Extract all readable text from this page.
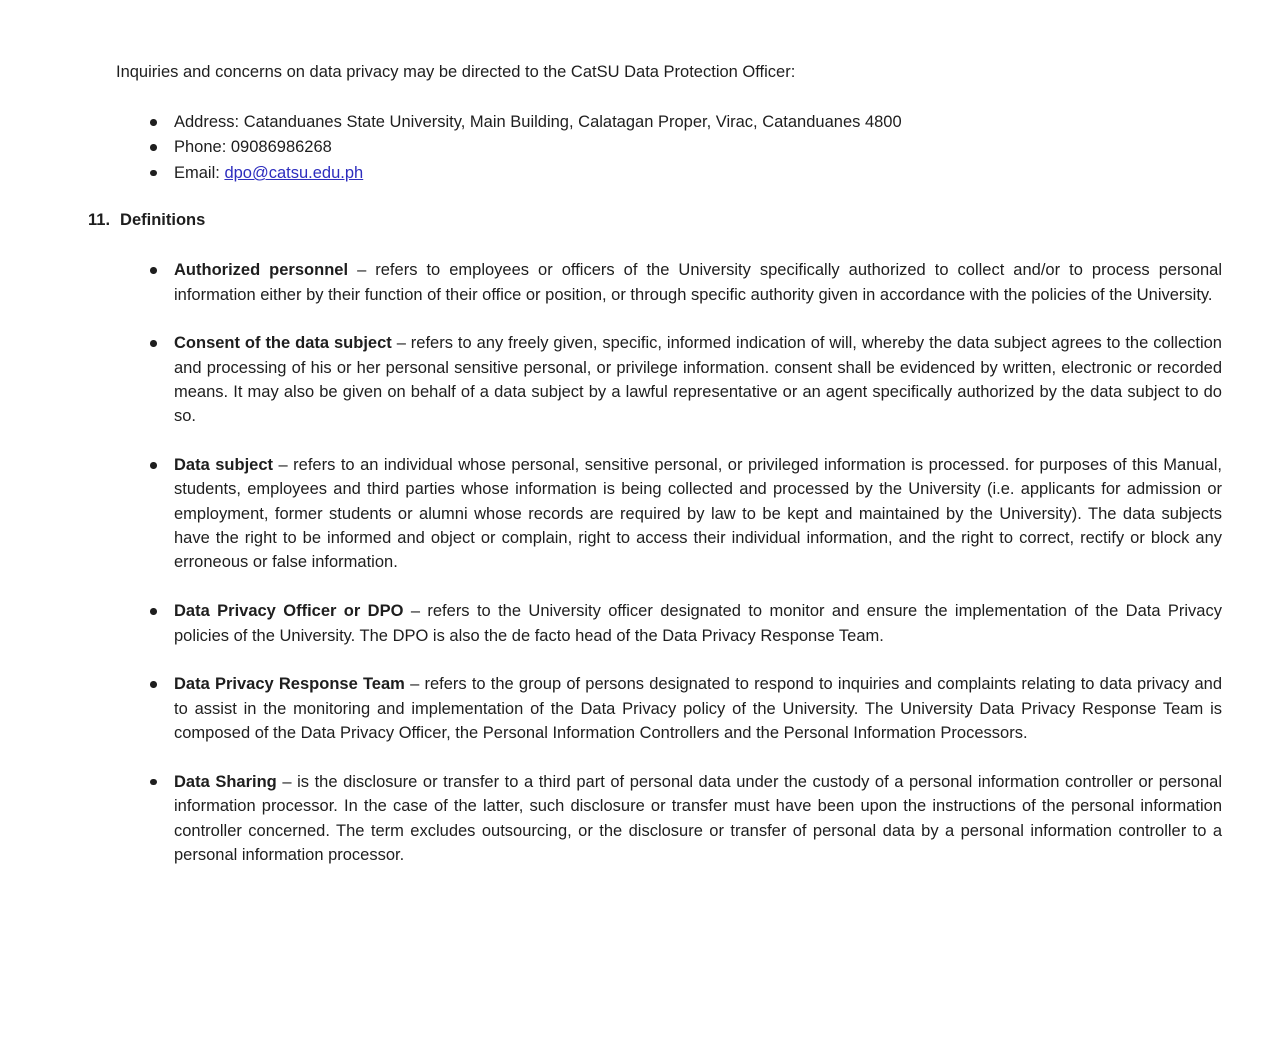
Inquiries and concerns on data privacy may be directed to the CatSU Data Protection Officer:

Address: Catanduanes State University, Main Building, Calatagan Proper, Virac, Catanduanes 4800
Phone: 09086986268
Email: dpo@catsu.edu.ph
11. Definitions
Authorized personnel – refers to employees or officers of the University specifically authorized to collect and/or to process personal information either by their function of their office or position, or through specific authority given in accordance with the policies of the University.
Consent of the data subject – refers to any freely given, specific, informed indication of will, whereby the data subject agrees to the collection and processing of his or her personal sensitive personal, or privilege information. consent shall be evidenced by written, electronic or recorded means. It may also be given on behalf of a data subject by a lawful representative or an agent specifically authorized by the data subject to do so.
Data subject – refers to an individual whose personal, sensitive personal, or privileged information is processed. for purposes of this Manual, students, employees and third parties whose information is being collected and processed by the University (i.e. applicants for admission or employment, former students or alumni whose records are required by law to be kept and maintained by the University). The data subjects have the right to be informed and object or complain, right to access their individual information, and the right to correct, rectify or block any erroneous or false information.
Data Privacy Officer or DPO – refers to the University officer designated to monitor and ensure the implementation of the Data Privacy policies of the University. The DPO is also the de facto head of the Data Privacy Response Team.
Data Privacy Response Team – refers to the group of persons designated to respond to inquiries and complaints relating to data privacy and to assist in the monitoring and implementation of the Data Privacy policy of the University. The University Data Privacy Response Team is composed of the Data Privacy Officer, the Personal Information Controllers and the Personal Information Processors.
Data Sharing – is the disclosure or transfer to a third part of personal data under the custody of a personal information controller or personal information processor. In the case of the latter, such disclosure or transfer must have been upon the instructions of the personal information controller concerned. The term excludes outsourcing, or the disclosure or transfer of personal data by a personal information controller to a personal information processor.
